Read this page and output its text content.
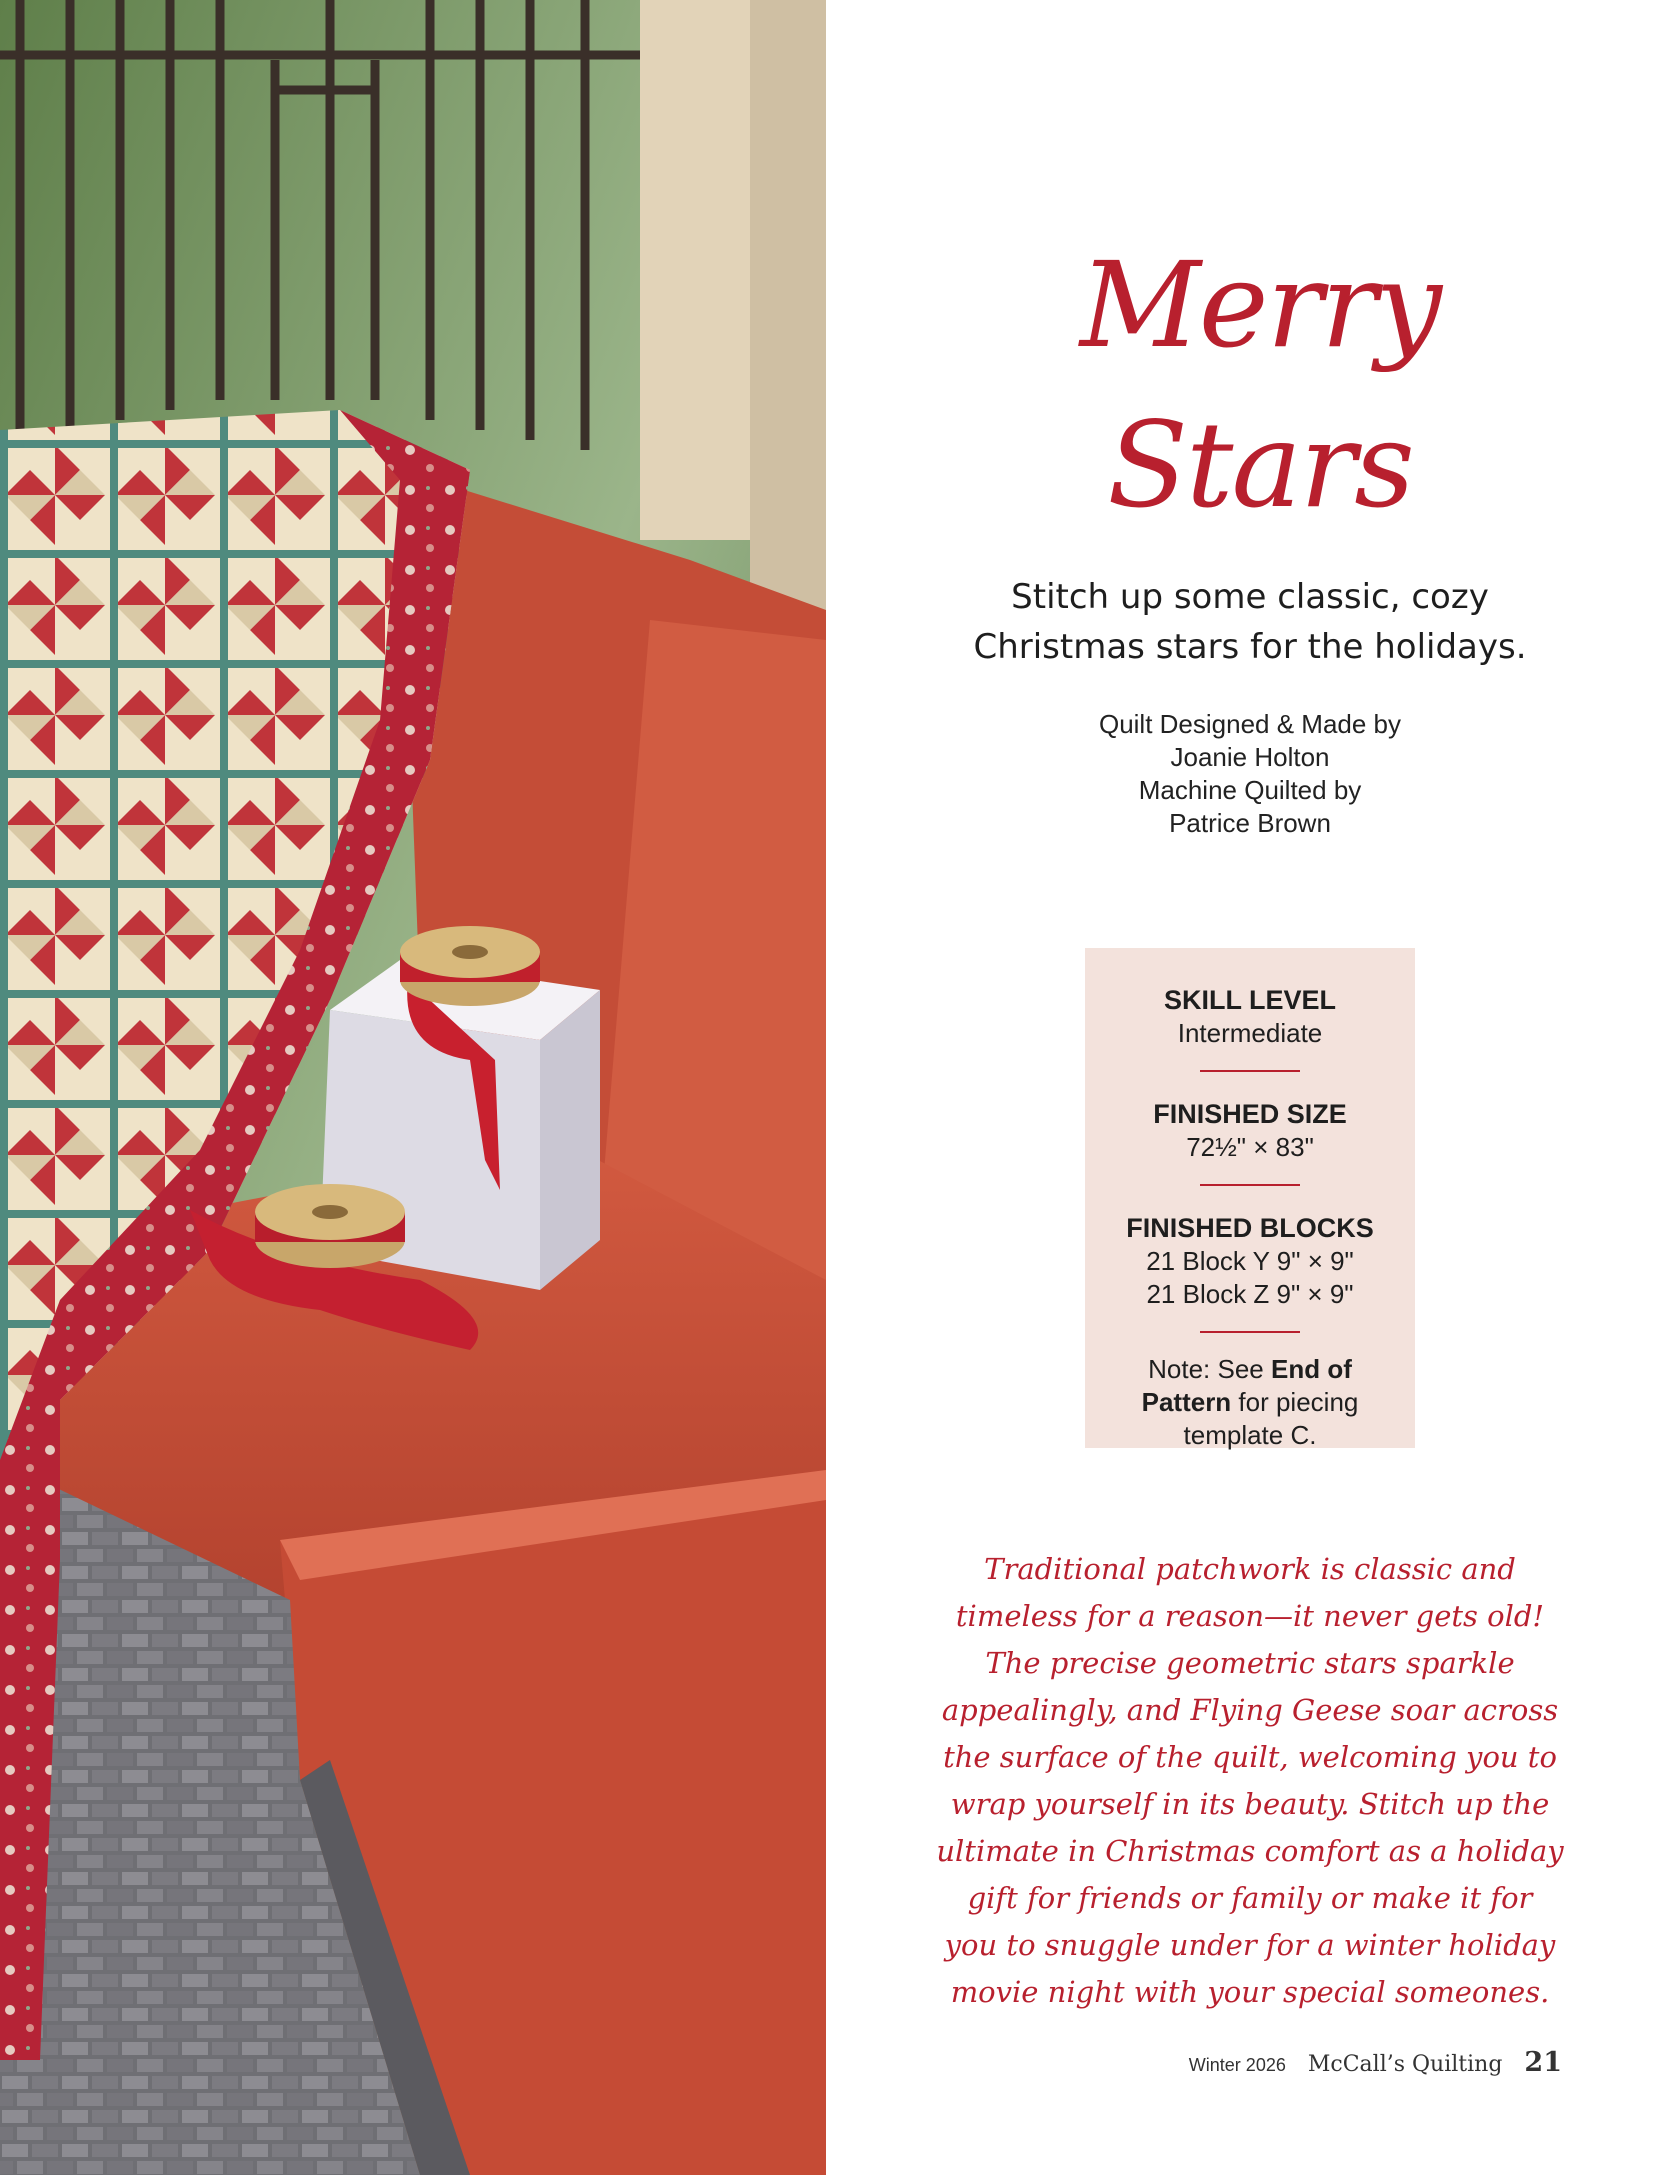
Merry
Stars
Stitch up some classic, cozy
Christmas stars for the holidays.
Quilt Designed & Made by
Joanie Holton
Machine Quilted by
Patrice Brown
SKILL LEVEL
Intermediate
FINISHED SIZE
72½" × 83"
FINISHED BLOCKS
21 Block Y 9" × 9"
21 Block Z 9" × 9"
Note: See End of Pattern for piecing template C.
Traditional patchwork is classic and
timeless for a reason—it never gets old!
The precise geometric stars sparkle
appealingly, and Flying Geese soar across
the surface of the quilt, welcoming you to
wrap yourself in its beauty. Stitch up the
ultimate in Christmas comfort as a holiday
gift for friends or family or make it for
you to snuggle under for a winter holiday
movie night with your special someones.
Winter 2026 McCall’s Quilting 21
